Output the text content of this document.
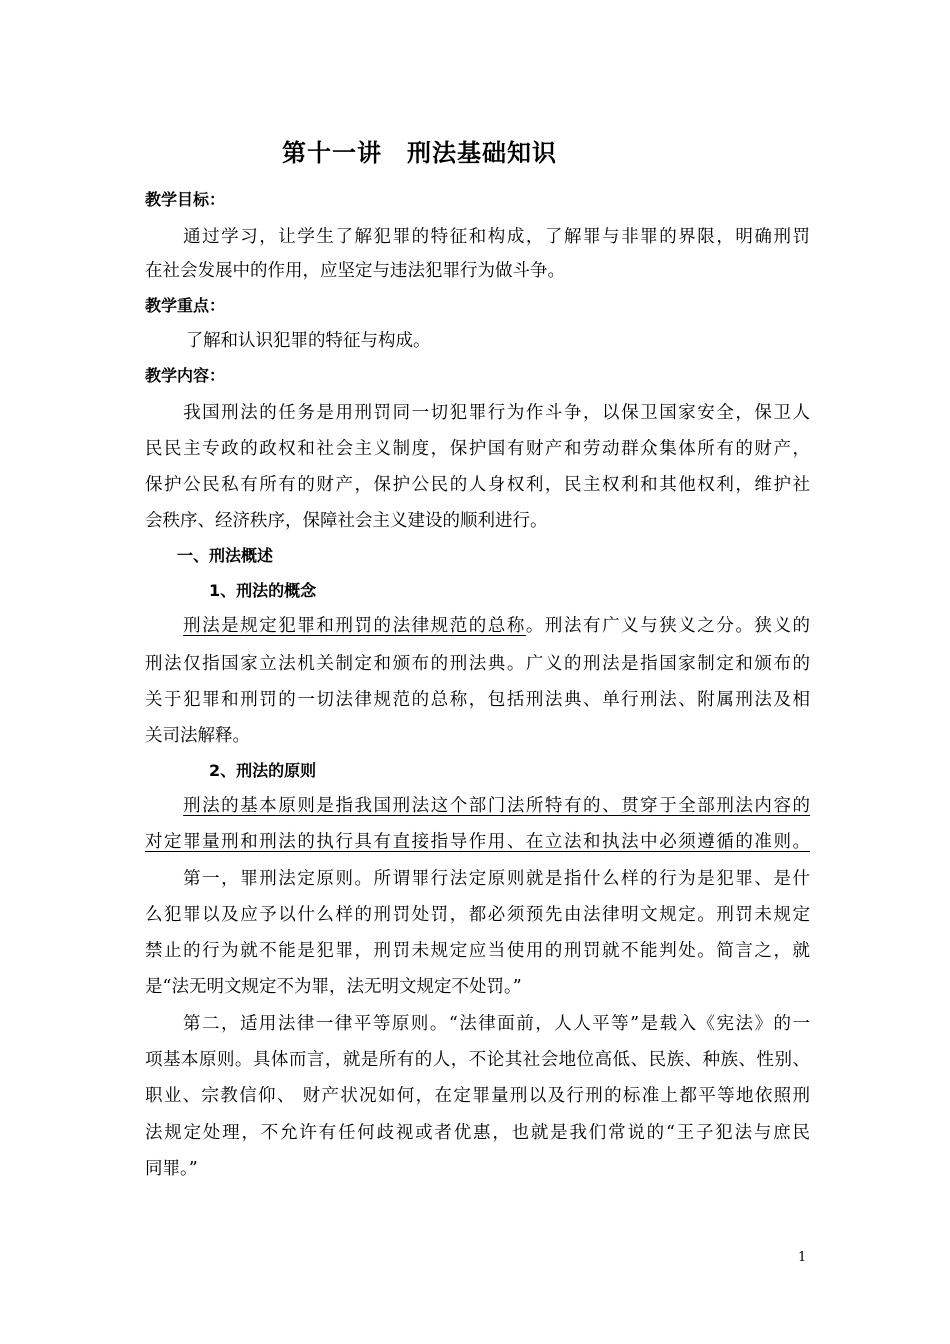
第十一讲　刑法基础知识
教学目标：
　　通过学习，让学生了解犯罪的特征和构成，了解罪与非罪的界限，明确刑罚
在社会发展中的作用，应坚定与违法犯罪行为做斗争。
教学重点：
　　 了解和认识犯罪的特征与构成。
教学内容：
　　我国刑法的任务是用刑罚同一切犯罪行为作斗争，以保卫国家安全，保卫人
民民主专政的政权和社会主义制度，保护国有财产和劳动群众集体所有的财产，
保护公民私有所有的财产，保护公民的人身权利，民主权利和其他权利，维护社
会秩序、经济秩序，保障社会主义建设的顺利进行。
　　一、刑法概述
　　　　1、刑法的概念
　　刑法是规定犯罪和刑罚的法律规范的总称。刑法有广义与狭义之分。狭义的
刑法仅指国家立法机关制定和颁布的刑法典。广义的刑法是指国家制定和颁布的
关于犯罪和刑罚的一切法律规范的总称，包括刑法典、单行刑法、附属刑法及相
关司法解释。
　　　　2、刑法的原则
　　刑法的基本原则是指我国刑法这个部门法所特有的、贯穿于全部刑法内容的
对定罪量刑和刑法的执行具有直接指导作用、在立法和执法中必须遵循的准则。
　　第一，罪刑法定原则。所谓罪行法定原则就是指什么样的行为是犯罪、是什
么犯罪以及应予以什么样的刑罚处罚，都必须预先由法律明文规定。刑罚未规定
禁止的行为就不能是犯罪，刑罚未规定应当使用的刑罚就不能判处。简言之，就
是“法无明文规定不为罪，法无明文规定不处罚。”
　　第二，适用法律一律平等原则。“法律面前，人人平等”是载入《宪法》的一
项基本原则。具体而言，就是所有的人，不论其社会地位高低、民族、种族、性别、
职业、宗教信仰、 财产状况如何，在定罪量刑以及行刑的标准上都平等地依照刑
法规定处理，不允许有任何歧视或者优惠，也就是我们常说的“王子犯法与庶民
同罪。”
1
